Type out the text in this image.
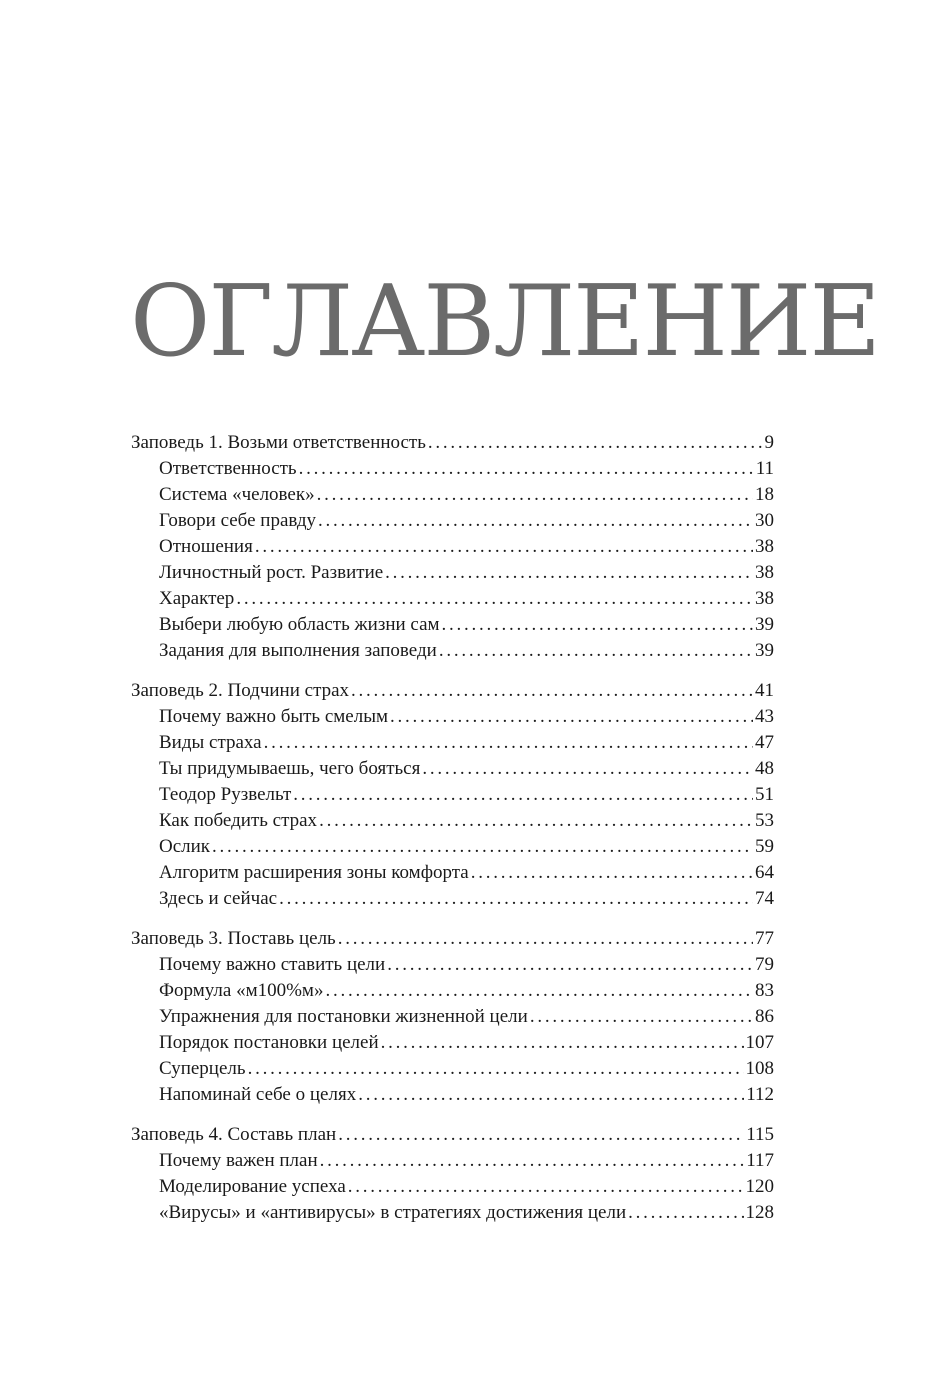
ОГЛАВЛЕНИЕ
Заповедь 1. Возьми ответственность . . .	9
Ответственность . . .	11
Система «человек» . . .	18
Говори себе правду . . .	30
Отношения . . .	38
Личностный рост. Развитие . . .	38
Характер . . .	38
Выбери любую область жизни сам . . .	39
Задания для выполнения заповеди . . .	39
Заповедь 2. Подчини страх . . .	41
Почему важно быть смелым . . .	43
Виды страха . . .	47
Ты придумываешь, чего бояться . . .	48
Теодор Рузвельт . . .	51
Как победить страх . . .	53
Ослик . . .	59
Алгоритм расширения зоны комфорта . . .	64
Здесь и сейчас . . .	74
Заповедь 3. Поставь цель . . .	77
Почему важно ставить цели . . .	79
Формула «м100%м» . . .	83
Упражнения для постановки жизненной цели . . .	86
Порядок постановки целей . . .	107
Суперцель . . .	108
Напоминай себе о целях . . .	112
Заповедь 4. Составь план . . .	115
Почему важен план . . .	117
Моделирование успеха . . .	120
«Вирусы» и «антивирусы» в стратегиях достижения цели . . .	128
